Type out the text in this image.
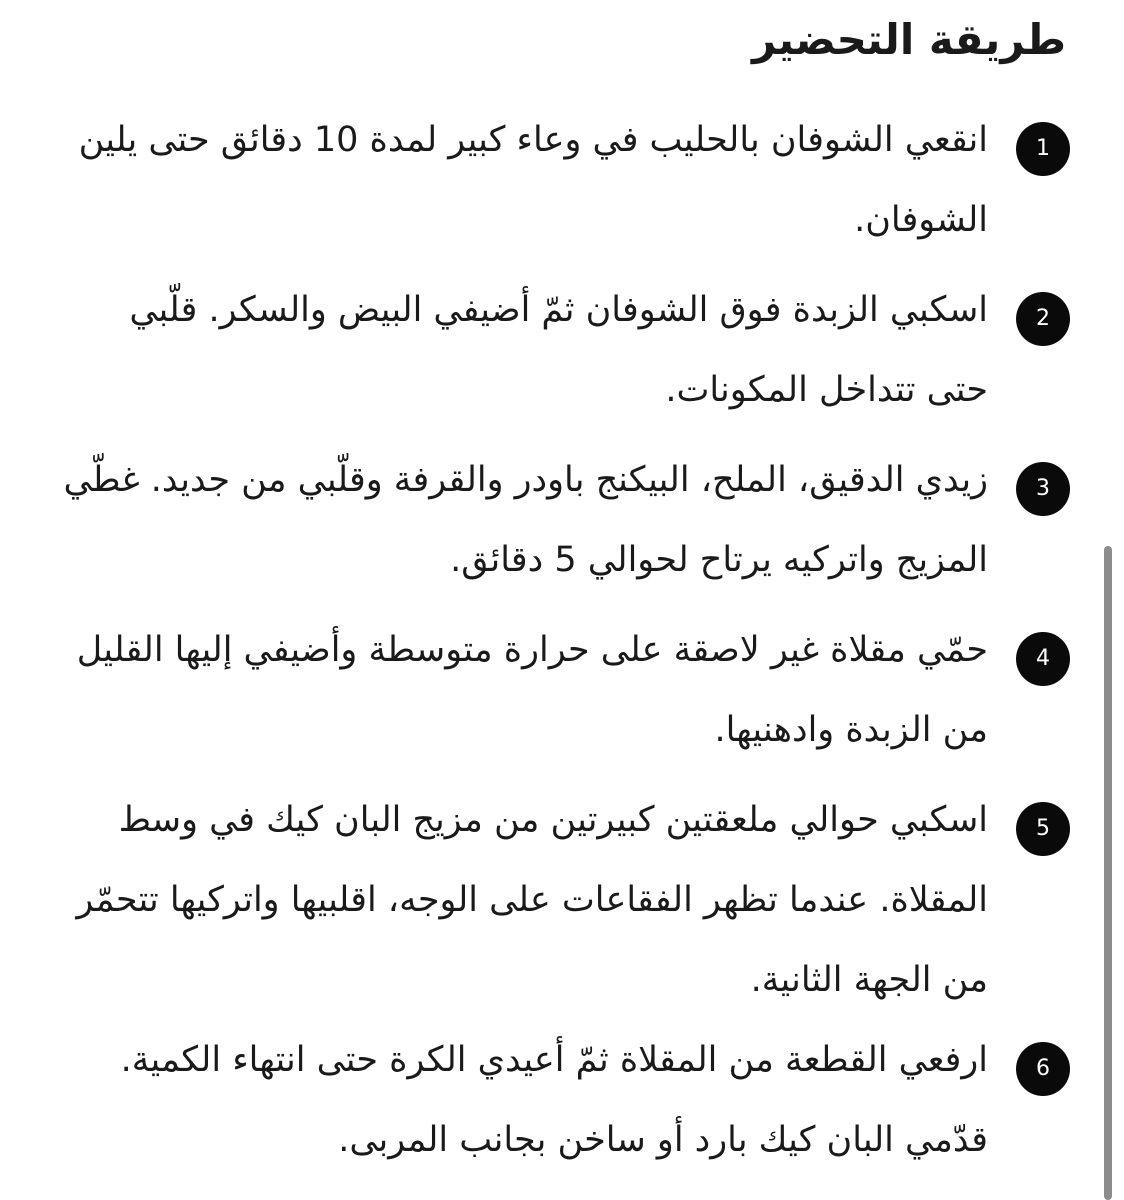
طريقة التحضير
1
انقعي الشوفان بالحليب في وعاء كبير لمدة 10 دقائق حتى يلين الشوفان.
2
اسكبي الزبدة فوق الشوفان ثمّ أضيفي البيض والسكر. قلّبي حتى تتداخل المكونات.
3
زيدي الدقيق، الملح، البيكنج باودر والقرفة وقلّبي من جديد. غطّي المزيج واتركيه يرتاح لحوالي 5 دقائق.
4
حمّي مقلاة غير لاصقة على حرارة متوسطة وأضيفي إليها القليل من الزبدة وادهنيها.
5
اسكبي حوالي ملعقتين كبيرتين من مزيج البان كيك في وسط المقلاة. عندما تظهر الفقاعات على الوجه، اقلبيها واتركيها تتحمّر من الجهة الثانية.
6
ارفعي القطعة من المقلاة ثمّ أعيدي الكرة حتى انتهاء الكمية. قدّمي البان كيك بارد أو ساخن بجانب المربى.
